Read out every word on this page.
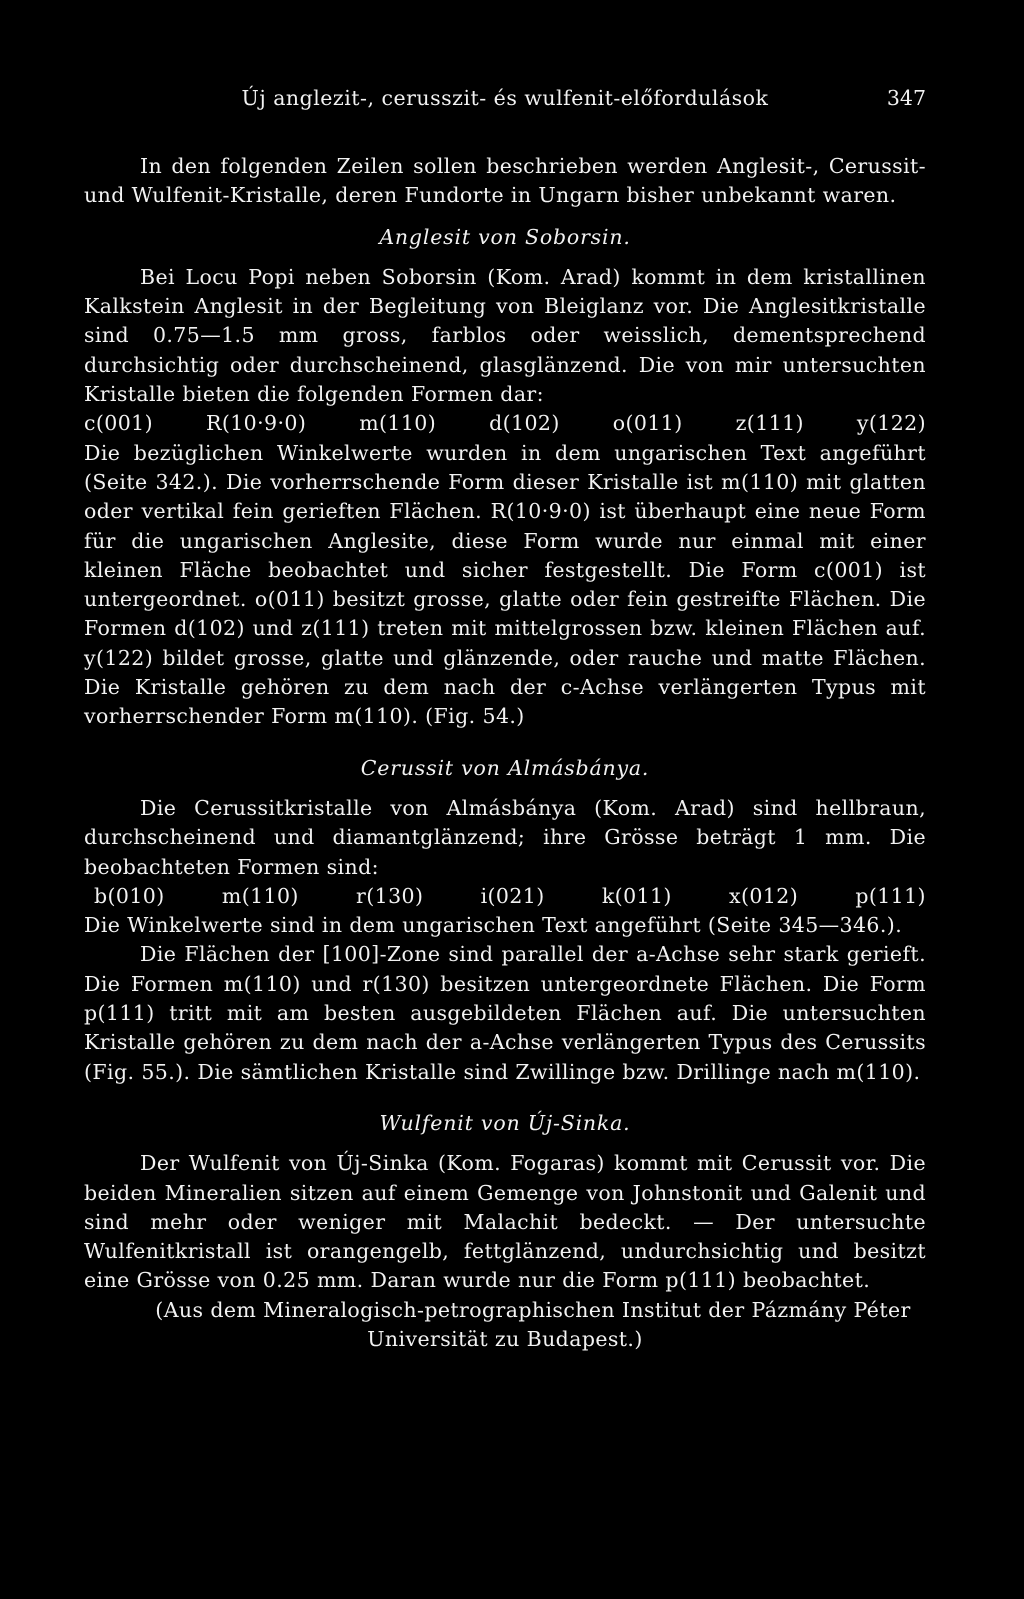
Új anglezit-, cerusszit- és wulfenit-előfordulások	347

In den folgenden Zeilen sollen beschrieben werden Anglesit-, Cerussit- und Wulfenit-Kristalle, deren Fundorte in Ungarn bisher unbekannt waren.

Anglesit von Soborsin.

Bei Locu Popi neben Soborsin (Kom. Arad) kommt in dem kristallinen Kalkstein Anglesit in der Begleitung von Bleiglanz vor. Die Anglesitkristalle sind 0.75—1.5 mm gross, farblos oder weisslich, dementsprechend durchsichtig oder durchscheinend, glasglänzend. Die von mir untersuchten Kristalle bieten die folgenden Formen dar:

c(001)	R(10·9·0)	m(110)	d(102)	o(011)	z(111)	y(122)

Die bezüglichen Winkelwerte wurden in dem ungarischen Text angeführt (Seite 342.). Die vorherrschende Form dieser Kristalle ist m(110) mit glatten oder vertikal fein gerieften Flächen. R(10·9·0) ist überhaupt eine neue Form für die ungarischen Anglesite, diese Form wurde nur einmal mit einer kleinen Fläche beobachtet und sicher festgestellt. Die Form c(001) ist untergeordnet. o(011) besitzt grosse, glatte oder fein gestreifte Flächen. Die Formen d(102) und z(111) treten mit mittelgrossen bzw. kleinen Flächen auf. y(122) bildet grosse, glatte und glänzende, oder rauche und matte Flächen. Die Kristalle gehören zu dem nach der c-Achse verlängerten Typus mit vorherrschender Form m(110). (Fig. 54.)

Cerussit von Almásbánya.

Die Cerussitkristalle von Almásbánya (Kom. Arad) sind hellbraun, durchscheinend und diamantglänzend; ihre Grösse beträgt 1 mm. Die beobachteten Formen sind:

b(010)	m(110)	r(130)	i(021)	k(011)	x(012)	p(111)

Die Winkelwerte sind in dem ungarischen Text angeführt (Seite 345—346.).

Die Flächen der [100]-Zone sind parallel der a-Achse sehr stark gerieft. Die Formen m(110) und r(130) besitzen untergeordnete Flächen. Die Form p(111) tritt mit am besten ausgebildeten Flächen auf. Die untersuchten Kristalle gehören zu dem nach der a-Achse verlängerten Typus des Cerussits (Fig. 55.). Die sämtlichen Kristalle sind Zwillinge bzw. Drillinge nach m(110).

Wulfenit von Új-Sinka.

Der Wulfenit von Új-Sinka (Kom. Fogaras) kommt mit Cerussit vor. Die beiden Mineralien sitzen auf einem Gemenge von Johnstonit und Galenit und sind mehr oder weniger mit Malachit bedeckt. — Der untersuchte Wulfenitkristall ist orangengelb, fettglänzend, undurchsichtig und besitzt eine Grösse von 0.25 mm. Daran wurde nur die Form p(111) beobachtet.

(Aus dem Mineralogisch-petrographischen Institut der Pázmány Péter Universität zu Budapest.)
